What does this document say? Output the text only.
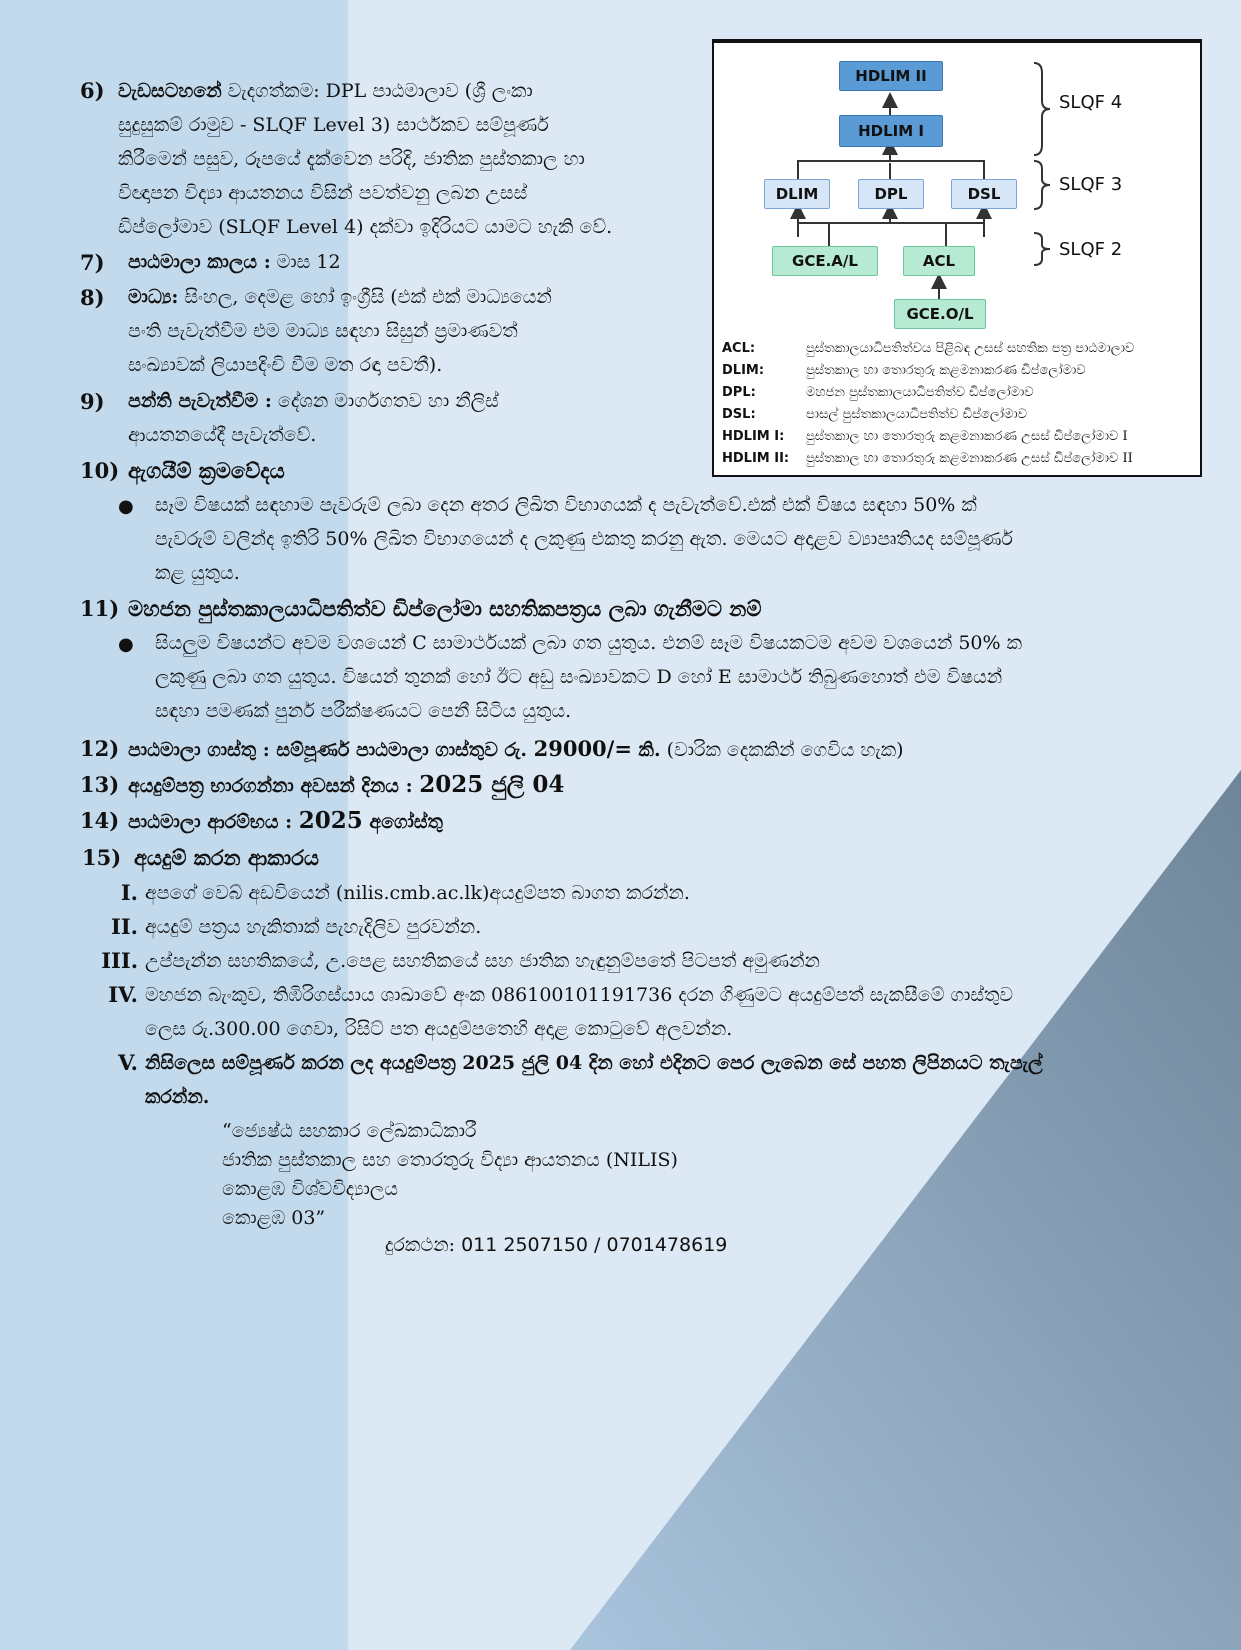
6) වැඩසටහනේ වැදගත්කම: DPL පාඨමාලාව (ශ්‍රී ලංකා
සුදුසුකම් රාමුව - SLQF Level 3) සාර්ථකව සම්පූර්ණ
කිරීමෙන් පසුව, රූපයේ දැක්වෙන පරිදි, ජාතික පුස්තකාල හා
විඥාපන විද්‍යා ආයතනය විසින් පවත්වනු ලබන උසස්
ඩිප්ලෝමාව (SLQF Level 4) දක්වා ඉදිරියට යාමට හැකි වේ.
7) පාඨමාලා කාලය : මාස 12
8) මාධ්‍ය: සිංහල, දෙමළ හෝ ඉංග්‍රීසි (එක් එක් මාධ්‍යයෙන්
පංති පැවැත්වීම එම මාධ්‍ය සඳහා සිසුන් ප්‍රමාණවත්
සංඛ්‍යාවක් ලියාපදිංචි වීම මත රඳා පවතී).
9) පන්ති පැවැත්වීම : දේශන මාර්ගගතව හා නීලිස්
ආයතනයේදී පැවැත්වේ.
10) ඇගයීම් ක්‍රමවේදය
● සෑම විෂයක් සඳහාම පැවරුම් ලබා දෙන අතර ලිඛිත විභාගයක් ද පැවැත්වේ.එක් එක් විෂය සඳහා 50% ක්
පැවරුම් වලින්ද ඉතිරි 50% ලිඛිත විභාගයෙන් ද ලකුණු එකතු කරනු ඇත. මෙයට අදාළව ව්‍යාපෘතියද සම්පූර්ණ
කළ යුතුය.
11) මහජන පුස්තකාලයාධිපතිත්ව ඩිප්ලෝමා සහතිකපත්‍රය ලබා ගැනීමට නම්
● සියලුම විෂයන්ට අවම වශයෙන් C සාමාර්ථයක් ලබා ගත යුතුය. එනම් සෑම විෂයකටම අවම වශයෙන් 50% ක
ලකුණු ලබා ගත යුතුය. විෂයන් තුනක් හෝ ඊට අඩු සංඛ්‍යාවකට D හෝ E සාමාර්ථ තිබුණහොත් එම විෂයන්
සඳහා පමණක් පුනර් පරීක්ෂණයට පෙනී සිටිය යුතුය.
12) පාඨමාලා ගාස්තු : සම්පූර්ණ පාඨමාලා ගාස්තුව රු. 29000/= කි. (වාරික දෙකකින් ගෙවිය හැක)
13) අයදුම්පත්‍ර භාරගන්නා අවසන් දිනය : 2025 ජුලි 04
14) පාඨමාලා ආරම්භය : 2025 අගෝස්තු
15) අයදුම් කරන ආකාරය
I. අපගේ වෙබ් අඩවියෙන් (nilis.cmb.ac.lk)අයදුම්පත බාගත කරන්න.
II. අයදුම් පත්‍රය හැකිතාක් පැහැදිලිව පුරවන්න.
III. උප්පැන්න සහතිකයේ, උ.පෙළ සහතිකයේ සහ ජාතික හැඳුනුම්පතේ පිටපත් අමුණන්න
IV. මහජන බැංකුව, තිඹිරිගස්යාය ශාඛාවේ අංක 086100101191736 දරන ගිණුමට අයදුම්පත් සැකසීමේ ගාස්තුව
ලෙස රු.300.00 ගෙවා, රිසිට් පත අයදුම්පතෙහි අදාළ කොටුවේ අලවන්න.
V. නිසිලෙස සම්පූර්ණ කරන ලද අයදුම්පත්‍ර 2025 ජුලි 04 දින හෝ එදිනට පෙර ලැබෙන සේ පහත ලිපිනයට තැපැල්
කරන්න.
“ජ්‍යෙෂ්ඨ සහකාර ලේඛකාධිකාරී
ජාතික පුස්තකාල සහ තොරතුරු විද්‍යා ආයතනය (NILIS)
කොළඹ විශ්වවිද්‍යාලය
කොළඹ 03”
දුරකථන: 011 2507150 / 0701478619
HDLIM II
HDLIM I
DLIM	DPL	DSL
GCE.A/L	ACL
GCE.O/L
SLQF 4
SLQF 3
SLQF 2
ACL:	පුස්තකාලයාධිපතිත්වය පිළිබඳ උසස් සහතික පත්‍ර පාඨමාලාව
DLIM:	පුස්තකාල හා තොරතුරු කළමනාකරණ ඩිප්ලෝමාව
DPL:	මහජන පුස්තකාලයාධිපතිත්ව ඩිප්ලෝමාව
DSL:	පාසල් පුස්තකාලයාධිපතිත්ව ඩිප්ලෝමාව
HDLIM I: පුස්තකාල හා තොරතුරු කළමනාකරණ උසස් ඩිප්ලෝමාව I
HDLIM II: පුස්තකාල හා තොරතුරු කළමනාකරණ උසස් ඩිප්ලෝමාව II
